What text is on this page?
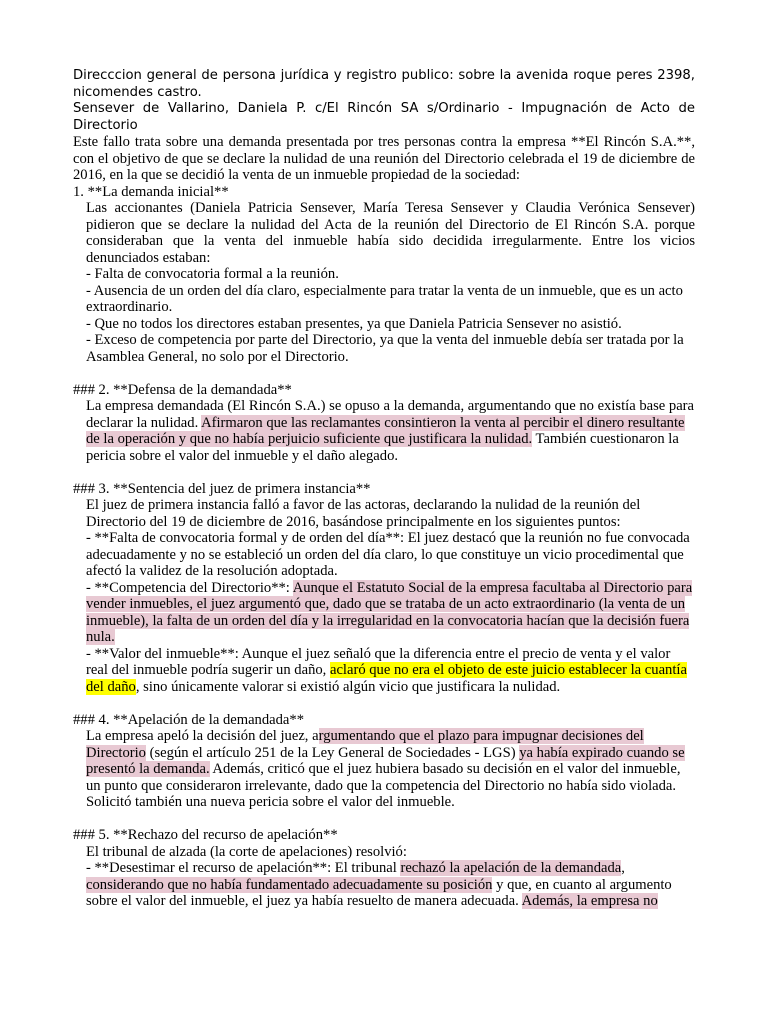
Direcccion general de persona jurídica y registro publico: sobre la avenida roque peres 2398, nicomendes castro.

Sensever de Vallarino, Daniela P. c/El Rincón SA s/Ordinario - Impugnación de Acto de Directorio

Este fallo trata sobre una demanda presentada por tres personas contra la empresa **El Rincón S.A.**, con el objetivo de que se declare la nulidad de una reunión del Directorio celebrada el 19 de diciembre de 2016, en la que se decidió la venta de un inmueble propiedad de la sociedad:

1. **La demanda inicial**

Las accionantes (Daniela Patricia Sensever, María Teresa Sensever y Claudia Verónica Sensever) pidieron que se declare la nulidad del Acta de la reunión del Directorio de El Rincón S.A. porque consideraban que la venta del inmueble había sido decidida irregularmente. Entre los vicios denunciados estaban:

- Falta de convocatoria formal a la reunión.

- Ausencia de un orden del día claro, especialmente para tratar la venta de un inmueble, que es un acto extraordinario.

- Que no todos los directores estaban presentes, ya que Daniela Patricia Sensever no asistió.

- Exceso de competencia por parte del Directorio, ya que la venta del inmueble debía ser tratada por la Asamblea General, no solo por el Directorio.

### 2. **Defensa de la demandada**

La empresa demandada (El Rincón S.A.) se opuso a la demanda, argumentando que no existía base para declarar la nulidad. Afirmaron que las reclamantes consintieron la venta al percibir el dinero resultante de la operación y que no había perjuicio suficiente que justificara la nulidad. También cuestionaron la pericia sobre el valor del inmueble y el daño alegado.

### 3. **Sentencia del juez de primera instancia**

El juez de primera instancia falló a favor de las actoras, declarando la nulidad de la reunión del Directorio del 19 de diciembre de 2016, basándose principalmente en los siguientes puntos:

- **Falta de convocatoria formal y de orden del día**: El juez destacó que la reunión no fue convocada adecuadamente y no se estableció un orden del día claro, lo que constituye un vicio procedimental que afectó la validez de la resolución adoptada.

- **Competencia del Directorio**: Aunque el Estatuto Social de la empresa facultaba al Directorio para vender inmuebles, el juez argumentó que, dado que se trataba de un acto extraordinario (la venta de un inmueble), la falta de un orden del día y la irregularidad en la convocatoria hacían que la decisión fuera nula.

- **Valor del inmueble**: Aunque el juez señaló que la diferencia entre el precio de venta y el valor real del inmueble podría sugerir un daño, aclaró que no era el objeto de este juicio establecer la cuantía del daño, sino únicamente valorar si existió algún vicio que justificara la nulidad.

### 4. **Apelación de la demandada**

La empresa apeló la decisión del juez, argumentando que el plazo para impugnar decisiones del Directorio (según el artículo 251 de la Ley General de Sociedades - LGS) ya había expirado cuando se presentó la demanda. Además, criticó que el juez hubiera basado su decisión en el valor del inmueble, un punto que consideraron irrelevante, dado que la competencia del Directorio no había sido violada. Solicitó también una nueva pericia sobre el valor del inmueble.

### 5. **Rechazo del recurso de apelación**

El tribunal de alzada (la corte de apelaciones) resolvió:

- **Desestimar el recurso de apelación**: El tribunal rechazó la apelación de la demandada, considerando que no había fundamentado adecuadamente su posición y que, en cuanto al argumento sobre el valor del inmueble, el juez ya había resuelto de manera adecuada. Además, la empresa no
